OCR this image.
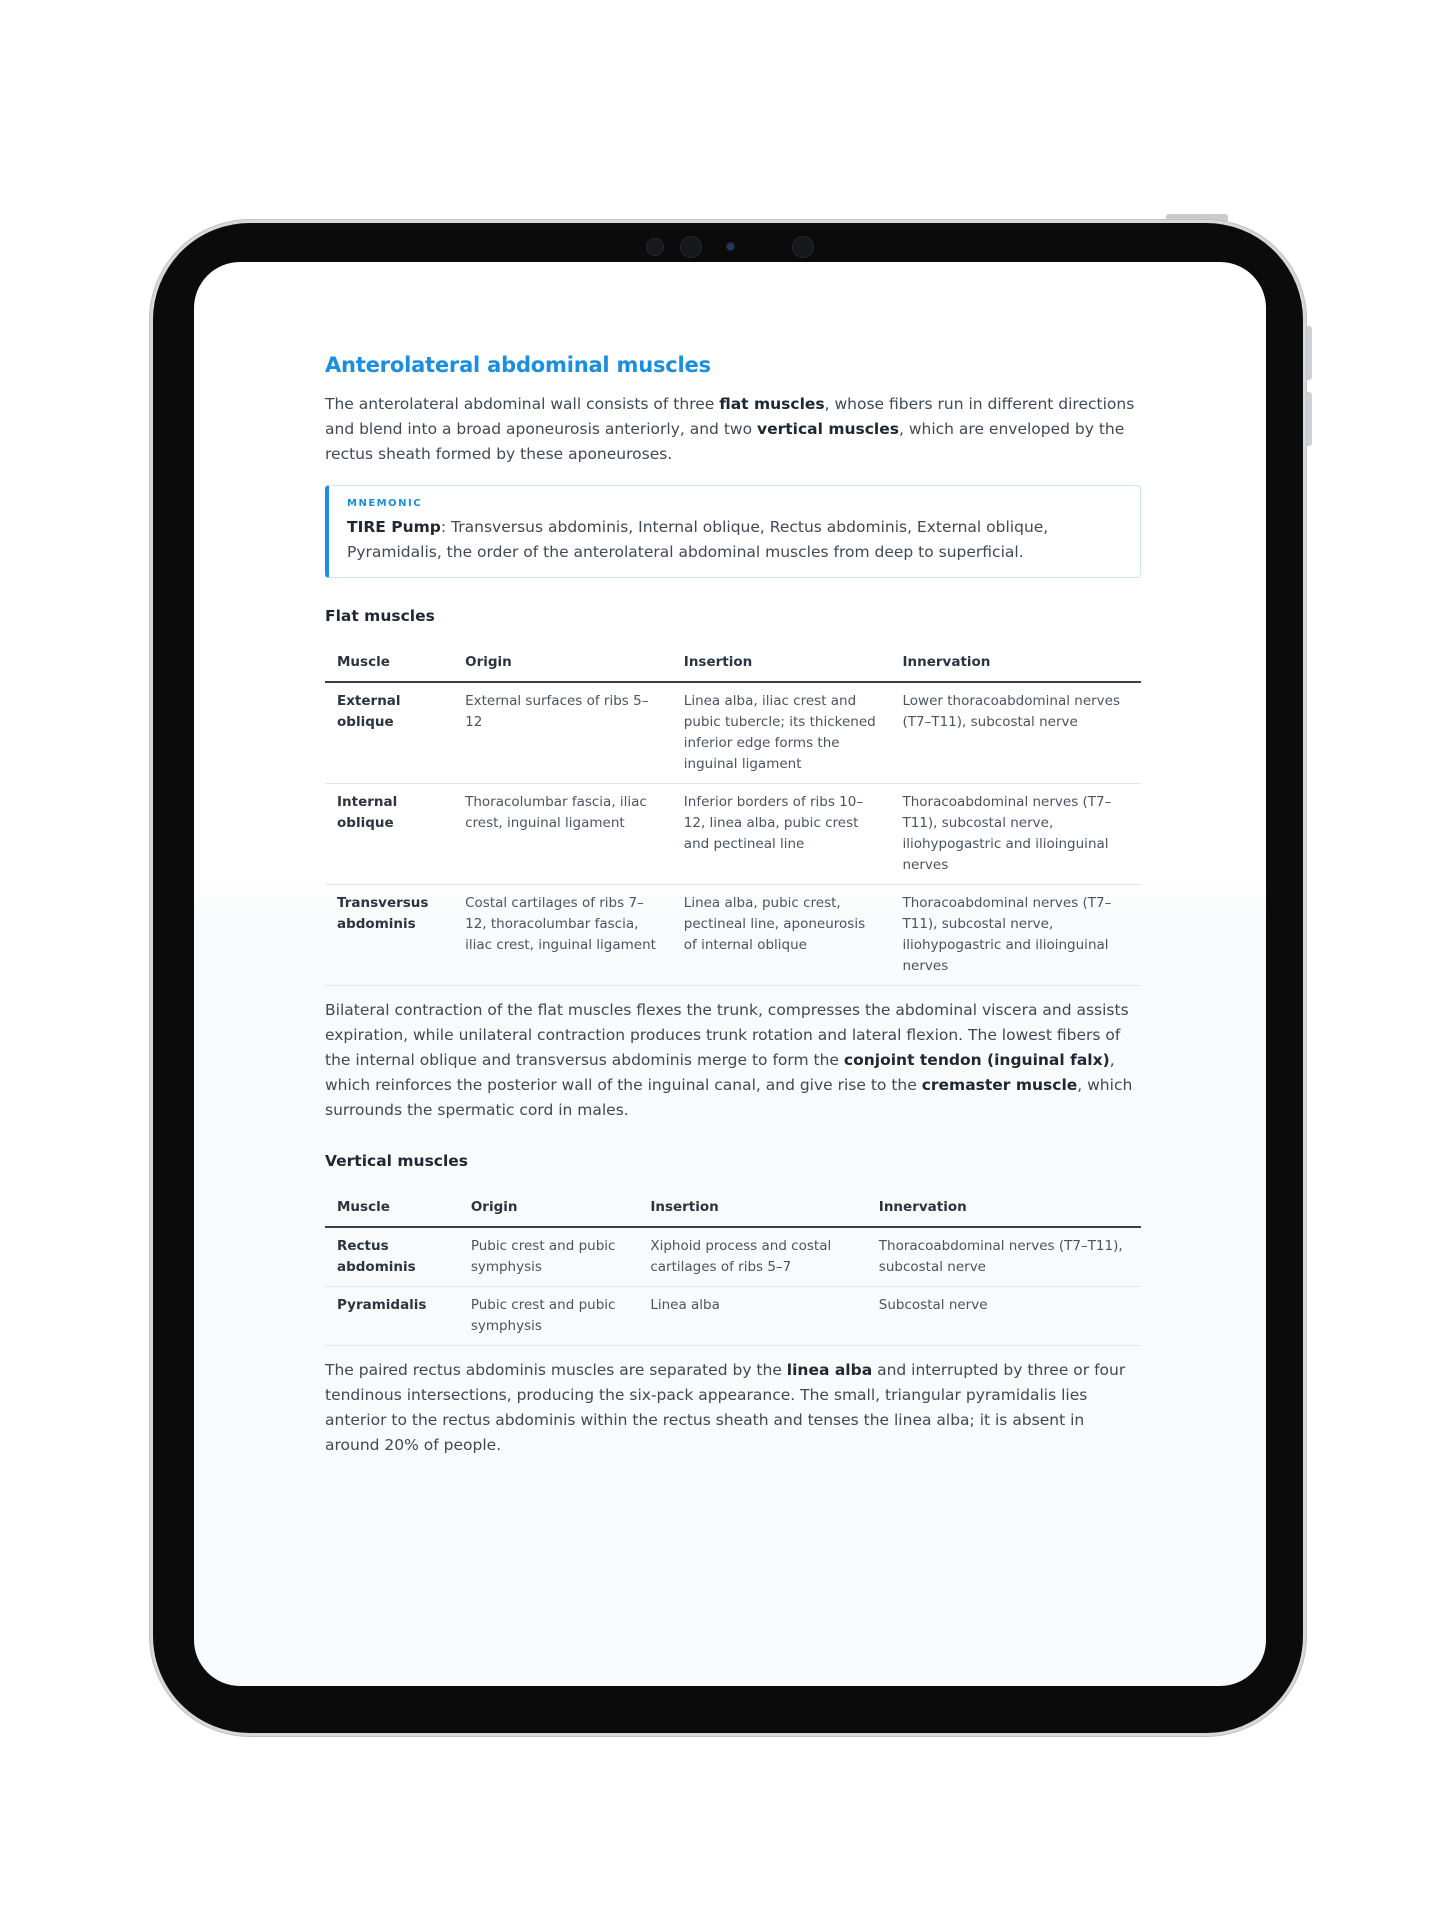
Anterolateral abdominal muscles

The anterolateral abdominal wall consists of three flat muscles, whose fibers run in different directions and blend into a broad aponeurosis anteriorly, and two vertical muscles, which are enveloped by the rectus sheath formed by these aponeuroses.

MNEMONIC
TIRE Pump: Transversus abdominis, Internal oblique, Rectus abdominis, External oblique, Pyramidalis, the order of the anterolateral abdominal muscles from deep to superficial.
Flat muscles
Muscle	Origin	Insertion	Innervation
External oblique	External surfaces of ribs 5–12	Linea alba, iliac crest and pubic tubercle; its thickened inferior edge forms the inguinal ligament	Lower thoracoabdominal nerves (T7–T11), subcostal nerve
Internal oblique	Thoracolumbar fascia, iliac crest, inguinal ligament	Inferior borders of ribs 10–12, linea alba, pubic crest and pectineal line	Thoracoabdominal nerves (T7–T11), subcostal nerve, iliohypogastric and ilioinguinal nerves
Transversus abdominis	Costal cartilages of ribs 7–12, thoracolumbar fascia, iliac crest, inguinal ligament	Linea alba, pubic crest, pectineal line, aponeurosis of internal oblique	Thoracoabdominal nerves (T7–T11), subcostal nerve, iliohypogastric and ilioinguinal nerves

Bilateral contraction of the flat muscles flexes the trunk, compresses the abdominal viscera and assists expiration, while unilateral contraction produces trunk rotation and lateral flexion. The lowest fibers of the internal oblique and transversus abdominis merge to form the conjoint tendon (inguinal falx), which reinforces the posterior wall of the inguinal canal, and give rise to the cremaster muscle, which surrounds the spermatic cord in males.

Vertical muscles
Muscle	Origin	Insertion	Innervation
Rectus abdominis	Pubic crest and pubic symphysis	Xiphoid process and costal cartilages of ribs 5–7	Thoracoabdominal nerves (T7–T11), subcostal nerve
Pyramidalis	Pubic crest and pubic symphysis	Linea alba	Subcostal nerve

The paired rectus abdominis muscles are separated by the linea alba and interrupted by three or four tendinous intersections, producing the six-pack appearance. The small, triangular pyramidalis lies anterior to the rectus abdominis within the rectus sheath and tenses the linea alba; it is absent in around 20% of people.
